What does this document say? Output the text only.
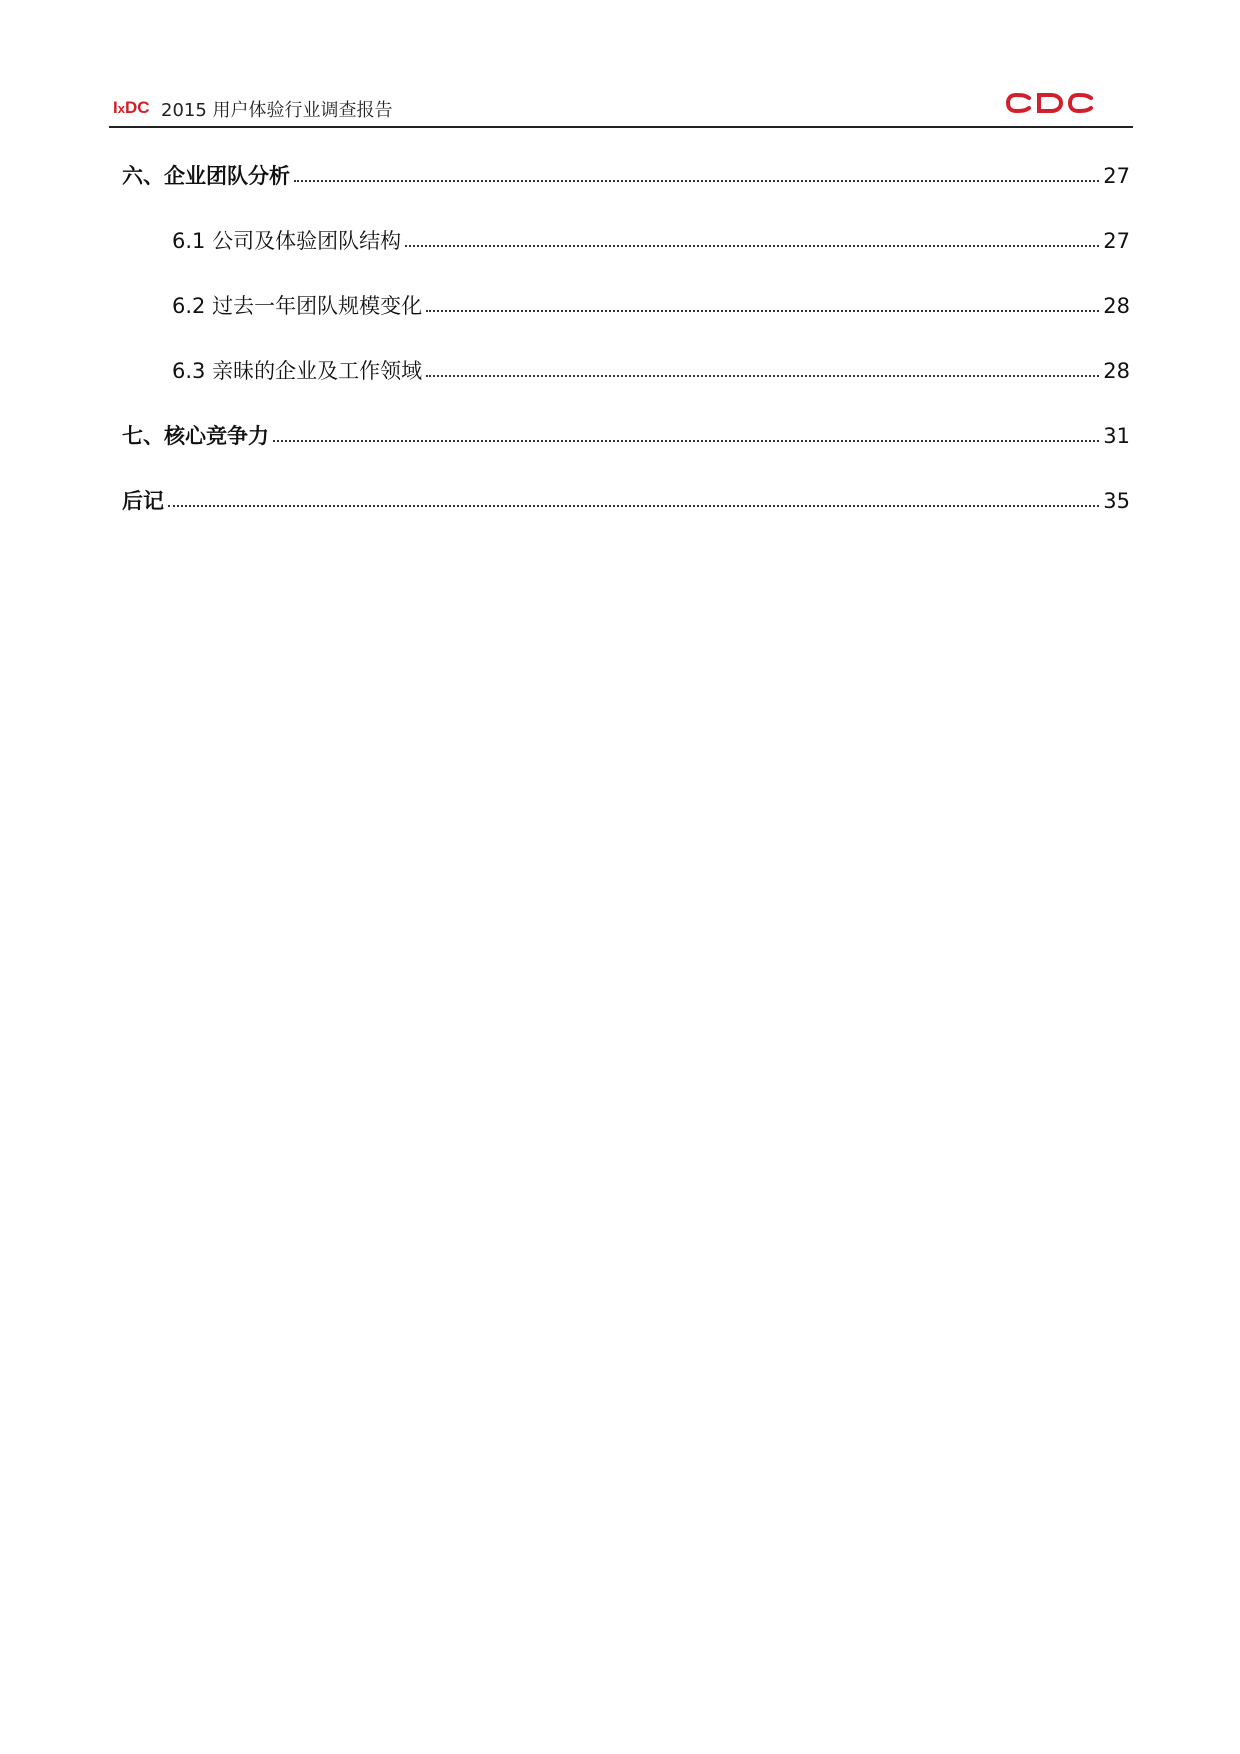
IxDC 2015 用户体验行业调查报告
六、企业团队分析	27
6.1 公司及体验团队结构	27
6.2 过去一年团队规模变化	28
6.3 亲昧的企业及工作领域	28
七、核心竞争力	31
后记	35
